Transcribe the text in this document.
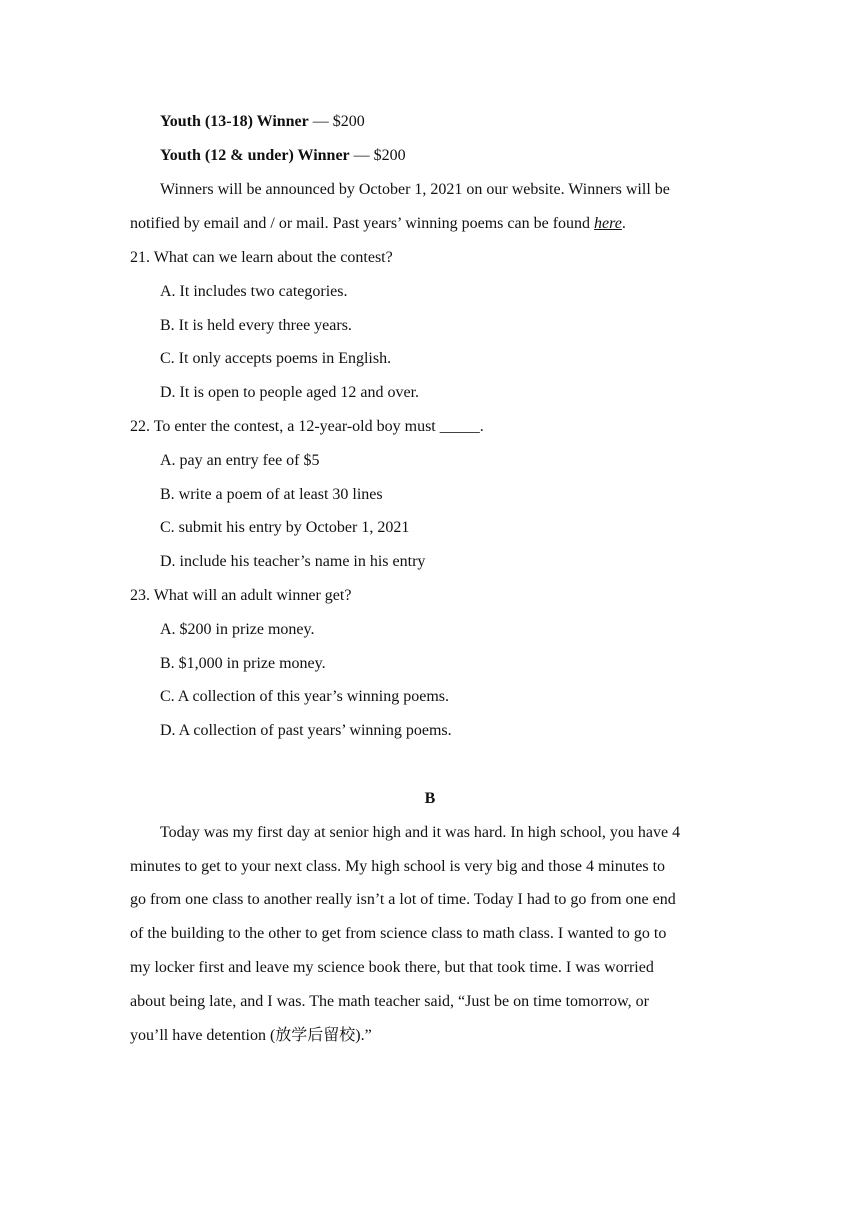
Youth (13-18) Winner — $200
Youth (12 & under) Winner — $200
Winners will be announced by October 1, 2021 on our website. Winners will be
notified by email and / or mail. Past years’ winning poems can be found here.
21. What can we learn about the contest?
A. It includes two categories.
B. It is held every three years.
C. It only accepts poems in English.
D. It is open to people aged 12 and over.
22. To enter the contest, a 12-year-old boy must _____.
A. pay an entry fee of $5
B. write a poem of at least 30 lines
C. submit his entry by October 1, 2021
D. include his teacher’s name in his entry
23. What will an adult winner get?
A. $200 in prize money.
B. $1,000 in prize money.
C. A collection of this year’s winning poems.
D. A collection of past years’ winning poems.
B
Today was my first day at senior high and it was hard. In high school, you have 4
minutes to get to your next class. My high school is very big and those 4 minutes to
go from one class to another really isn’t a lot of time. Today I had to go from one end
of the building to the other to get from science class to math class. I wanted to go to
my locker first and leave my science book there, but that took time. I was worried
about being late, and I was. The math teacher said, “Just be on time tomorrow, or
you’ll have detention (放学后留校).”
